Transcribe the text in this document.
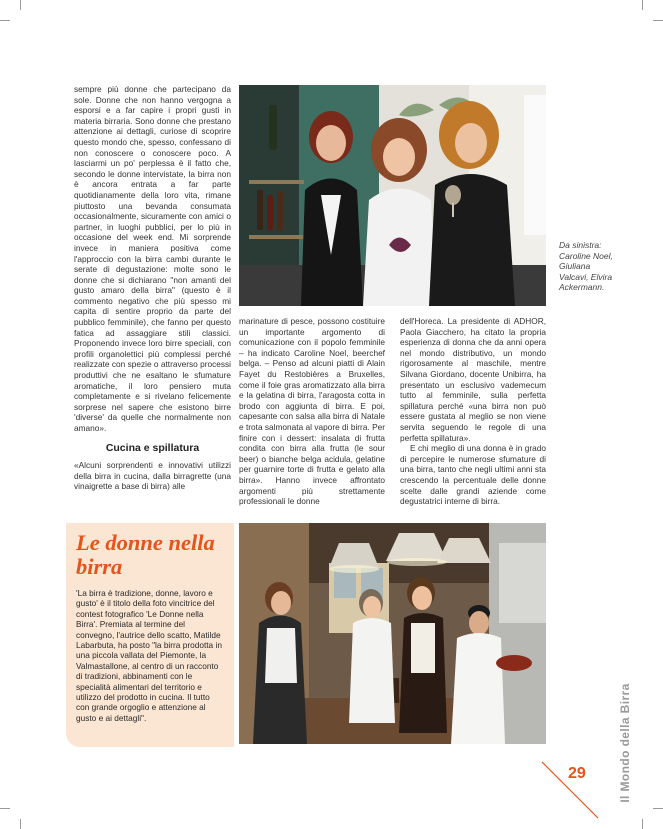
sempre più donne che partecipano da sole. Donne che non hanno vergogna a esporsi e a far capire i propri gusti in materia birraria. Sono donne che prestano attenzione ai dettagli, curiose di scoprire questo mondo che, spesso, confessano di non conoscere o conoscere poco. A lasciarmi un po' perplessa è il fatto che, secondo le donne intervistate, la birra non è ancora entrata a far parte quotidianamente della loro vita, rimane piuttosto una bevanda consumata occasionalmente, sicuramente con amici o partner, in luoghi pubblici, per lo più in occasione del week end. Mi sorprende invece in maniera positiva come l'approccio con la birra cambi durante le serate di degustazione: molte sono le donne che si dichiarano "non amanti del gusto amaro della birra" (questo è il commento negativo che più spesso mi capita di sentire proprio da parte del pubblico femminile), che fanno per questo fatica ad assaggiare stili classici. Proponendo invece loro birre speciali, con profili organolettici più complessi perché realizzate con spezie o attraverso processi produttivi che ne esaltano le sfumature aromatiche, il loro pensiero muta completamente e si rivelano felicemente sorprese nel sapere che esistono birre 'diverse' da quelle che normalmente non amano».

Cucina e spillatura

«Alcuni sorprendenti e innovativi utilizzi della birra in cucina, dalla birragrette (una vinaigrette a base di birra) alle

Da sinistra: Caroline Noel, Giuliana Valcavi, Elvira Ackermann.

marinature di pesce, possono costituire un importante argomento di comunicazione con il popolo femminile – ha indicato Caroline Noel, beerchef belga. – Penso ad alcuni piatti di Alain Fayet du Restobières a Bruxelles, come il foie gras aromatizzato alla birra e la gelatina di birra, l'aragosta cotta in brodo con aggiunta di birra. E poi, capesante con salsa alla birra di Natale e trota salmonata al vapore di birra. Per finire con i dessert: insalata di frutta condita con birra alla frutta (le sour beer) o bianche belga acidula, gelatine per guarnire torte di frutta e gelato alla birra». Hanno invece affrontato argomenti più strettamente professionali le donne

dell'Horeca. La presidente di ADHOR, Paola Giacchero, ha citato la propria esperienza di donna che da anni opera nel mondo distributivo, un mondo rigorosamente al maschile, mentre Silvana Giordano, docente Unibirra, ha presentato un esclusivo vademecum tutto al femminile, sulla perfetta spillatura perché «una birra non può essere gustata al meglio se non viene servita seguendo le regole di una perfetta spillatura».

E chi meglio di una donna è in grado di percepire le numerose sfumature di una birra, tanto che negli ultimi anni sta crescendo la percentuale delle donne scelte dalle grandi aziende come degustatrici interne di birra.

Le donne nella birra
'La birra è tradizione, donne, lavoro e gusto' è il titolo della foto vincitrice del contest fotografico 'Le Donne nella Birra'. Premiata al termine del convegno, l'autrice dello scatto, Matilde Labarbuta, ha posto "la birra prodotta in una piccola vallata del Piemonte, la Valmastallone, al centro di un racconto di tradizioni, abbinamenti con le specialità alimentari del territorio e utilizzo del prodotto in cucina. Il tutto con grande orgoglio e attenzione al gusto e ai dettagli".	Il Mondo della Birra
29
